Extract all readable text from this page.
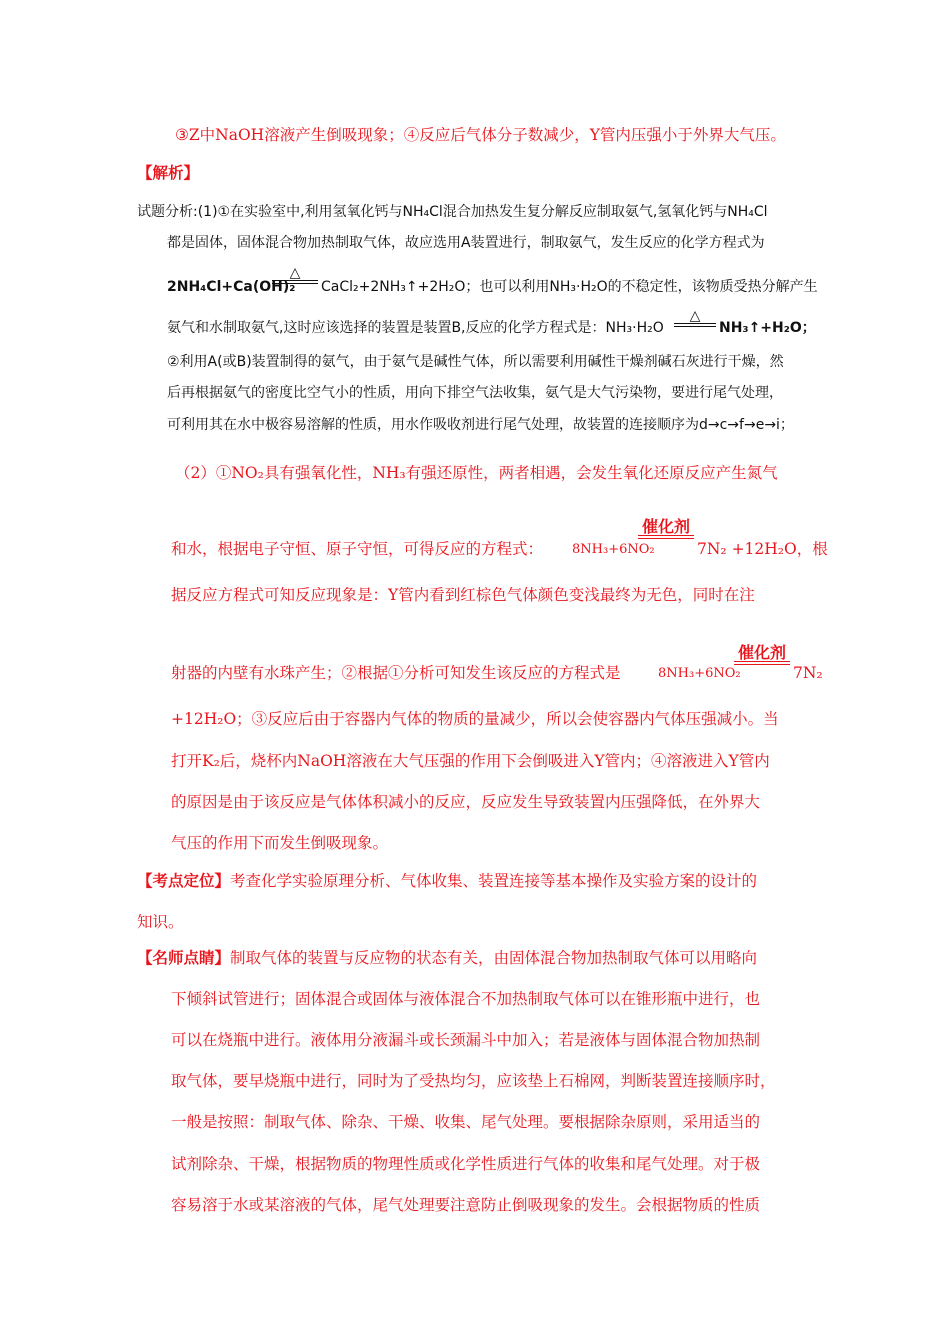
③Z中NaOH溶液产生倒吸现象；④反应后气体分子数减少，Y管内压强小于外界大气压。
【解析】
试题分析:(1)①在实验室中,利用氢氧化钙与NH₄Cl混合加热发生复分解反应制取氨气,氢氧化钙与NH₄Cl
都是固体，固体混合物加热制取气体，故应选用A装置进行，制取氨气，发生反应的化学方程式为
2NH₄Cl+Ca(OH)₂
△
CaCl₂+2NH₃↑+2H₂O；也可以利用NH₃·H₂O的不稳定性，该物质受热分解产生
氨气和水制取氨气,这时应该选择的装置是装置B,反应的化学方程式是：NH₃·H₂O
△
NH₃↑+H₂O；
②利用A(或B)装置制得的氨气，由于氨气是碱性气体，所以需要利用碱性干燥剂碱石灰进行干燥，然
后再根据氨气的密度比空气小的性质，用向下排空气法收集，氨气是大气污染物，要进行尾气处理，
可利用其在水中极容易溶解的性质，用水作吸收剂进行尾气处理，故装置的连接顺序为d→c→f→e→i；
（2）①NO₂具有强氧化性，NH₃有强还原性，两者相遇，会发生氧化还原反应产生氮气
和水，根据电子守恒、原子守恒，可得反应的方程式： 8NH₃+6NO₂
催化剂
7N₂ +12H₂O，根
据反应方程式可知反应现象是：Y管内看到红棕色气体颜色变浅最终为无色，同时在注
射器的内壁有水珠产生；②根据①分析可知发生该反应的方程式是	8NH₃+6NO₂
催化剂
7N₂
+12H₂O；③反应后由于容器内气体的物质的量减少，所以会使容器内气体压强减小。当
打开K₂后，烧杯内NaOH溶液在大气压强的作用下会倒吸进入Y管内；④溶液进入Y管内
的原因是由于该反应是气体体积减小的反应，反应发生导致装置内压强降低，在外界大
气压的作用下而发生倒吸现象。
【考点定位】考查化学实验原理分析、气体收集、装置连接等基本操作及实验方案的设计的
知识。
【名师点睛】制取气体的装置与反应物的状态有关，由固体混合物加热制取气体可以用略向
下倾斜试管进行；固体混合或固体与液体混合不加热制取气体可以在锥形瓶中进行，也
可以在烧瓶中进行。液体用分液漏斗或长颈漏斗中加入；若是液体与固体混合物加热制
取气体，要早烧瓶中进行，同时为了受热均匀，应该垫上石棉网，判断装置连接顺序时，
一般是按照：制取气体、除杂、干燥、收集、尾气处理。要根据除杂原则，采用适当的
试剂除杂、干燥，根据物质的物理性质或化学性质进行气体的收集和尾气处理。对于极
容易溶于水或某溶液的气体，尾气处理要注意防止倒吸现象的发生。会根据物质的性质
